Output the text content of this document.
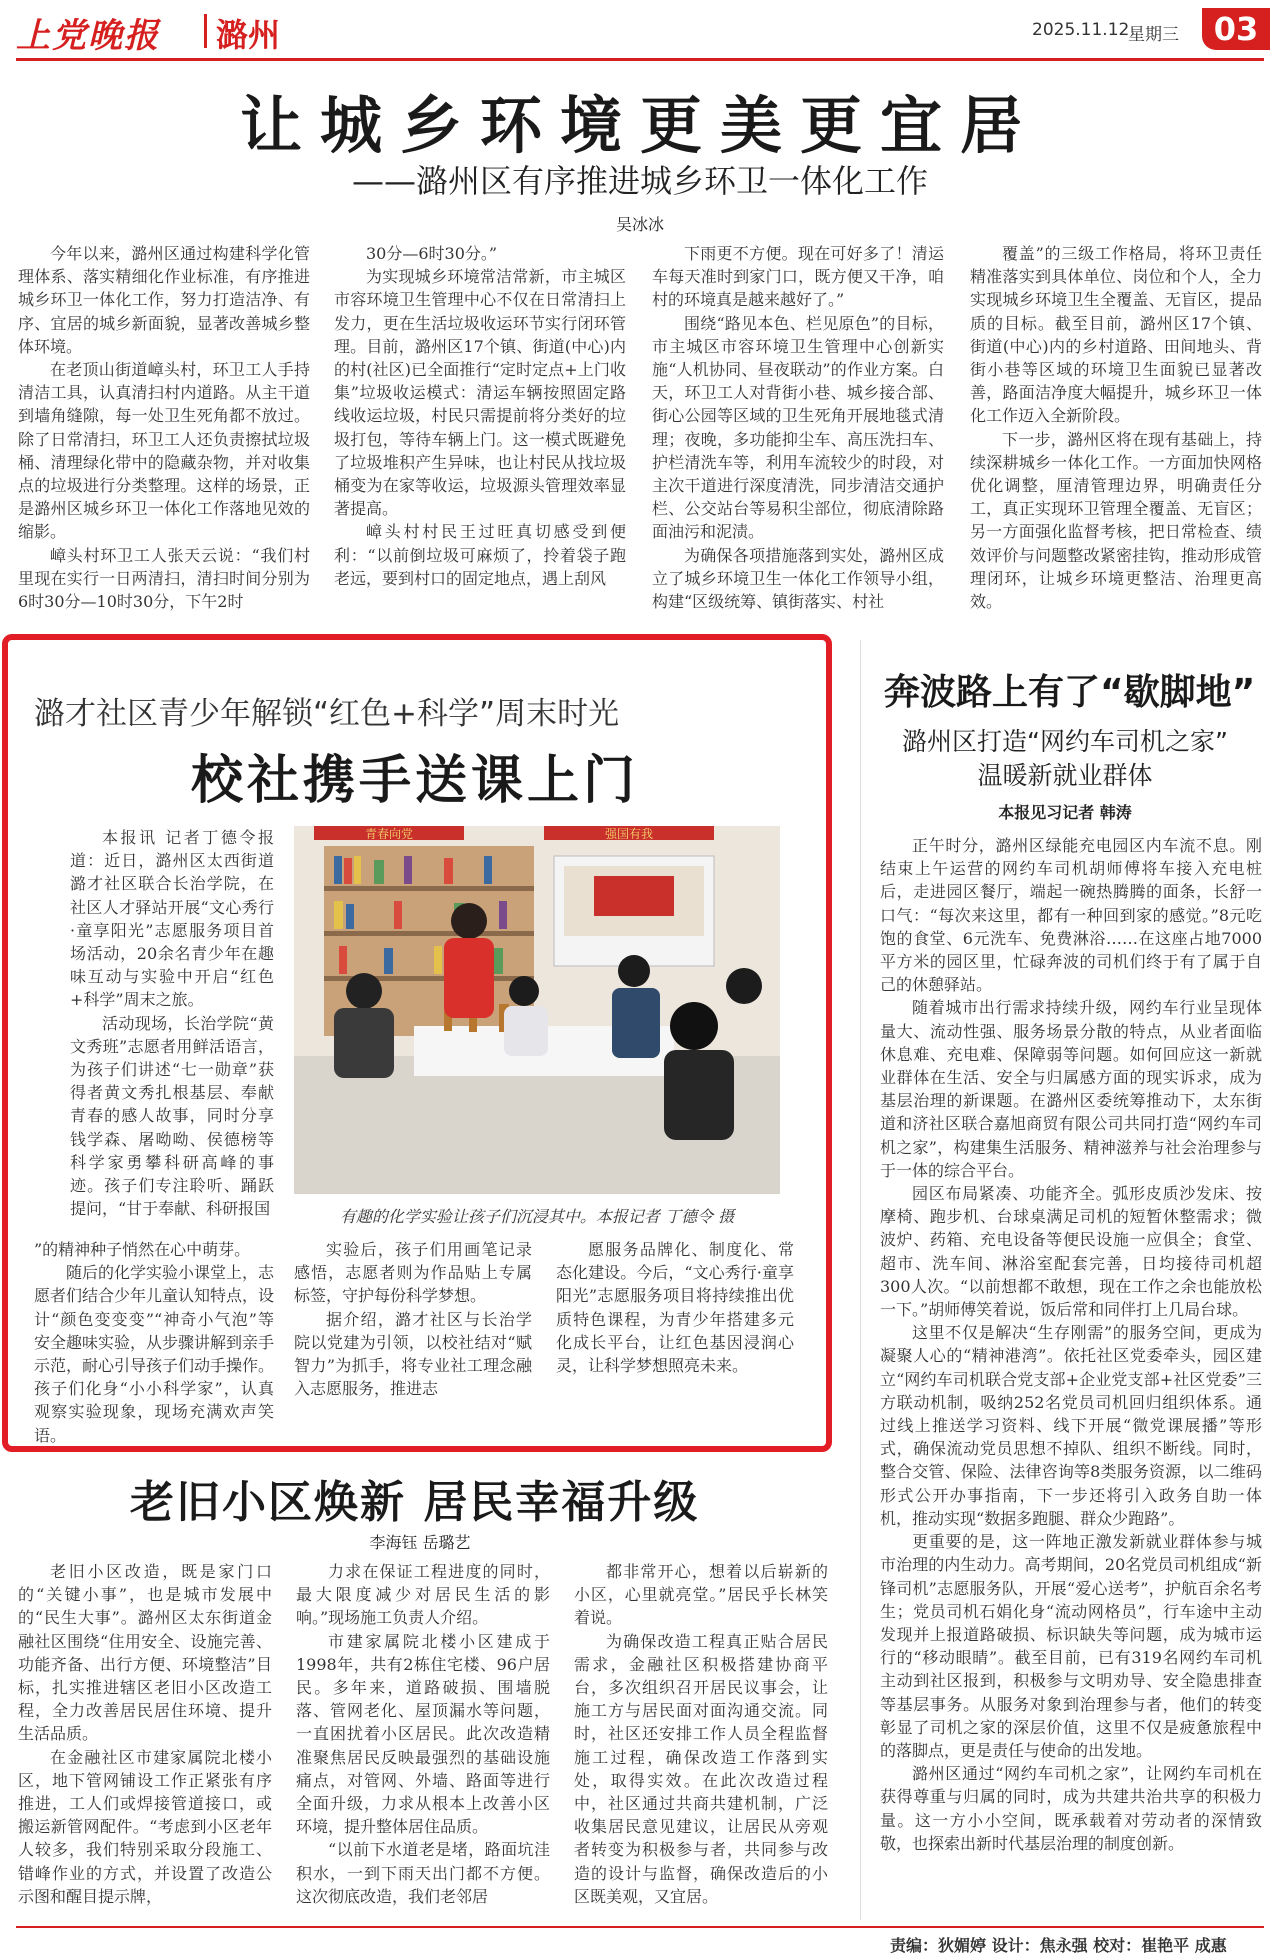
上党晚报 潞州	2025.11.12
星期三	03
让城乡环境更美更宜居
——潞州区有序推进城乡环卫一体化工作
吴冰冰

今年以来，潞州区通过构建科学化管理体系、落实精细化作业标准，有序推进城乡环卫一体化工作，努力打造洁净、有序、宜居的城乡新面貌，显著改善城乡整体环境。

在老顶山街道嶂头村，环卫工人手持清洁工具，认真清扫村内道路。从主干道到墙角缝隙，每一处卫生死角都不放过。除了日常清扫，环卫工人还负责擦拭垃圾桶、清理绿化带中的隐藏杂物，并对收集点的垃圾进行分类整理。这样的场景，正是潞州区城乡环卫一体化工作落地见效的缩影。

嶂头村环卫工人张天云说：“我们村里现在实行一日两清扫，清扫时间分别为6时30分—10时30分，下午2时

30分—6时30分。”

为实现城乡环境常洁常新，市主城区市容环境卫生管理中心不仅在日常清扫上发力，更在生活垃圾收运环节实行闭环管理。目前，潞州区17个镇、街道(中心)内的村(社区)已全面推行“定时定点+上门收集”垃圾收运模式：清运车辆按照固定路线收运垃圾，村民只需提前将分类好的垃圾打包，等待车辆上门。这一模式既避免了垃圾堆积产生异味，也让村民从找垃圾桶变为在家等收运，垃圾源头管理效率显著提高。

嶂头村村民王过旺真切感受到便利：“以前倒垃圾可麻烦了，拎着袋子跑老远，要到村口的固定地点，遇上刮风

下雨更不方便。现在可好多了！清运车每天准时到家门口，既方便又干净，咱村的环境真是越来越好了。”

围绕“路见本色、栏见原色”的目标，市主城区市容环境卫生管理中心创新实施“人机协同、昼夜联动”的作业方案。白天，环卫工人对背街小巷、城乡接合部、街心公园等区域的卫生死角开展地毯式清理；夜晚，多功能抑尘车、高压洗扫车、护栏清洗车等，利用车流较少的时段，对主次干道进行深度清洗，同步清洁交通护栏、公交站台等易积尘部位，彻底清除路面油污和泥渍。

为确保各项措施落到实处，潞州区成立了城乡环境卫生一体化工作领导小组，构建“区级统筹、镇街落实、村社

覆盖”的三级工作格局，将环卫责任精准落实到具体单位、岗位和个人，全力实现城乡环境卫生全覆盖、无盲区，提品质的目标。截至目前，潞州区17个镇、街道(中心)内的乡村道路、田间地头、背街小巷等区域的环境卫生面貌已显著改善，路面洁净度大幅提升，城乡环卫一体化工作迈入全新阶段。

下一步，潞州区将在现有基础上，持续深耕城乡一体化工作。一方面加快网格优化调整，厘清管理边界，明确责任分工，真正实现环卫管理全覆盖、无盲区；另一方面强化监督考核，把日常检查、绩效评价与问题整改紧密挂钩，推动形成管理闭环，让城乡环境更整洁、治理更高效。

潞才社区青少年解锁“红色+科学”周末时光
校社携手送课上门

本报讯 记者丁德令报道：近日，潞州区太西街道潞才社区联合长治学院，在社区人才驿站开展“文心秀行·童享阳光”志愿服务项目首场活动，20余名青少年在趣味互动与实验中开启“红色+科学”周末之旅。

活动现场，长治学院“黄文秀班”志愿者用鲜活语言，为孩子们讲述“七一勋章”获得者黄文秀扎根基层、奉献青春的感人故事，同时分享钱学森、屠呦呦、侯德榜等科学家勇攀科研高峰的事迹。孩子们专注聆听、踊跃提问，“甘于奉献、科研报国

”的精神种子悄然在心中萌芽。

随后的化学实验小课堂上，志愿者们结合少年儿童认知特点，设计“颜色变变变”“神奇小气泡”等安全趣味实验，从步骤讲解到亲手示范，耐心引导孩子们动手操作。孩子们化身“小小科学家”，认真观察实验现象，现场充满欢声笑语。

实验后，孩子们用画笔记录感悟，志愿者则为作品贴上专属标签，守护每份科学梦想。

据介绍，潞才社区与长治学院以党建为引领，以校社结对“赋智力”为抓手，将专业社工理念融入志愿服务，推进志

愿服务品牌化、制度化、常态化建设。今后，“文心秀行·童享阳光”志愿服务项目将持续推出优质特色课程，为青少年搭建多元化成长平台，让红色基因浸润心灵，让科学梦想照亮未来。

青春向党	强国有我
有趣的化学实验让孩子们沉浸其中。本报记者 丁德令 摄
奔波路上有了“歇脚地”
潞州区打造“网约车司机之家”
温暖新就业群体
本报见习记者 韩涛

正午时分，潞州区绿能充电园区内车流不息。刚结束上午运营的网约车司机胡师傅将车接入充电桩后，走进园区餐厅，端起一碗热腾腾的面条，长舒一口气：“每次来这里，都有一种回到家的感觉。”8元吃饱的食堂、6元洗车、免费淋浴……在这座占地7000平方米的园区里，忙碌奔波的司机们终于有了属于自己的休憩驿站。

随着城市出行需求持续升级，网约车行业呈现体量大、流动性强、服务场景分散的特点，从业者面临休息难、充电难、保障弱等问题。如何回应这一新就业群体在生活、安全与归属感方面的现实诉求，成为基层治理的新课题。在潞州区委统筹推动下，太东街道和济社区联合嘉旭商贸有限公司共同打造“网约车司机之家”，构建集生活服务、精神滋养与社会治理参与于一体的综合平台。

园区布局紧凑、功能齐全。弧形皮质沙发床、按摩椅、跑步机、台球桌满足司机的短暂休整需求；微波炉、药箱、充电设备等便民设施一应俱全；食堂、超市、洗车间、淋浴室配套完善，日均接待司机超300人次。“以前想都不敢想，现在工作之余也能放松一下。”胡师傅笑着说，饭后常和同伴打上几局台球。

这里不仅是解决“生存刚需”的服务空间，更成为凝聚人心的“精神港湾”。依托社区党委牵头，园区建立“网约车司机联合党支部+企业党支部+社区党委”三方联动机制，吸纳252名党员司机回归组织体系。通过线上推送学习资料、线下开展“微党课展播”等形式，确保流动党员思想不掉队、组织不断线。同时，整合交管、保险、法律咨询等8类服务资源，以二维码形式公开办事指南，下一步还将引入政务自助一体机，推动实现“数据多跑腿、群众少跑路”。

更重要的是，这一阵地正激发新就业群体参与城市治理的内生动力。高考期间，20名党员司机组成“新锋司机”志愿服务队，开展“爱心送考”，护航百余名考生；党员司机石娟化身“流动网格员”，行车途中主动发现并上报道路破损、标识缺失等问题，成为城市运行的“移动眼睛”。截至目前，已有319名网约车司机主动到社区报到，积极参与文明劝导、安全隐患排查等基层事务。从服务对象到治理参与者，他们的转变彰显了司机之家的深层价值，这里不仅是疲惫旅程中的落脚点，更是责任与使命的出发地。

潞州区通过“网约车司机之家”，让网约车司机在获得尊重与归属的同时，成为共建共治共享的积极力量。这一方小小空间，既承载着对劳动者的深情致敬，也探索出新时代基层治理的制度创新。

老旧小区焕新 居民幸福升级
李海钰 岳璐艺

老旧小区改造，既是家门口的“关键小事”，也是城市发展中的“民生大事”。潞州区太东街道金融社区围绕“住用安全、设施完善、功能齐备、出行方便、环境整洁”目标，扎实推进辖区老旧小区改造工程，全力改善居民居住环境、提升生活品质。

在金融社区市建家属院北楼小区，地下管网铺设工作正紧张有序推进，工人们或焊接管道接口，或搬运新管网配件。“考虑到小区老年人较多，我们特别采取分段施工、错峰作业的方式，并设置了改造公示图和醒目提示牌，

力求在保证工程进度的同时，最大限度减少对居民生活的影响。”现场施工负责人介绍。

市建家属院北楼小区建成于1998年，共有2栋住宅楼、96户居民。多年来，道路破损、围墙脱落、管网老化、屋顶漏水等问题，一直困扰着小区居民。此次改造精准聚焦居民反映最强烈的基础设施痛点，对管网、外墙、路面等进行全面升级，力求从根本上改善小区环境，提升整体居住品质。

“以前下水道老是堵，路面坑洼积水，一到下雨天出门都不方便。这次彻底改造，我们老邻居

都非常开心，想着以后崭新的小区，心里就亮堂。”居民乎长林笑着说。

为确保改造工程真正贴合居民需求，金融社区积极搭建协商平台，多次组织召开居民议事会，让施工方与居民面对面沟通交流。同时，社区还安排工作人员全程监督施工过程，确保改造工作落到实处，取得实效。在此次改造过程中，社区通过共商共建机制，广泛收集居民意见建议，让居民从旁观者转变为积极参与者，共同参与改造的设计与监督，确保改造后的小区既美观，又宜居。

责编：狄媚婷 设计：焦永强 校对：崔艳平 成惠
